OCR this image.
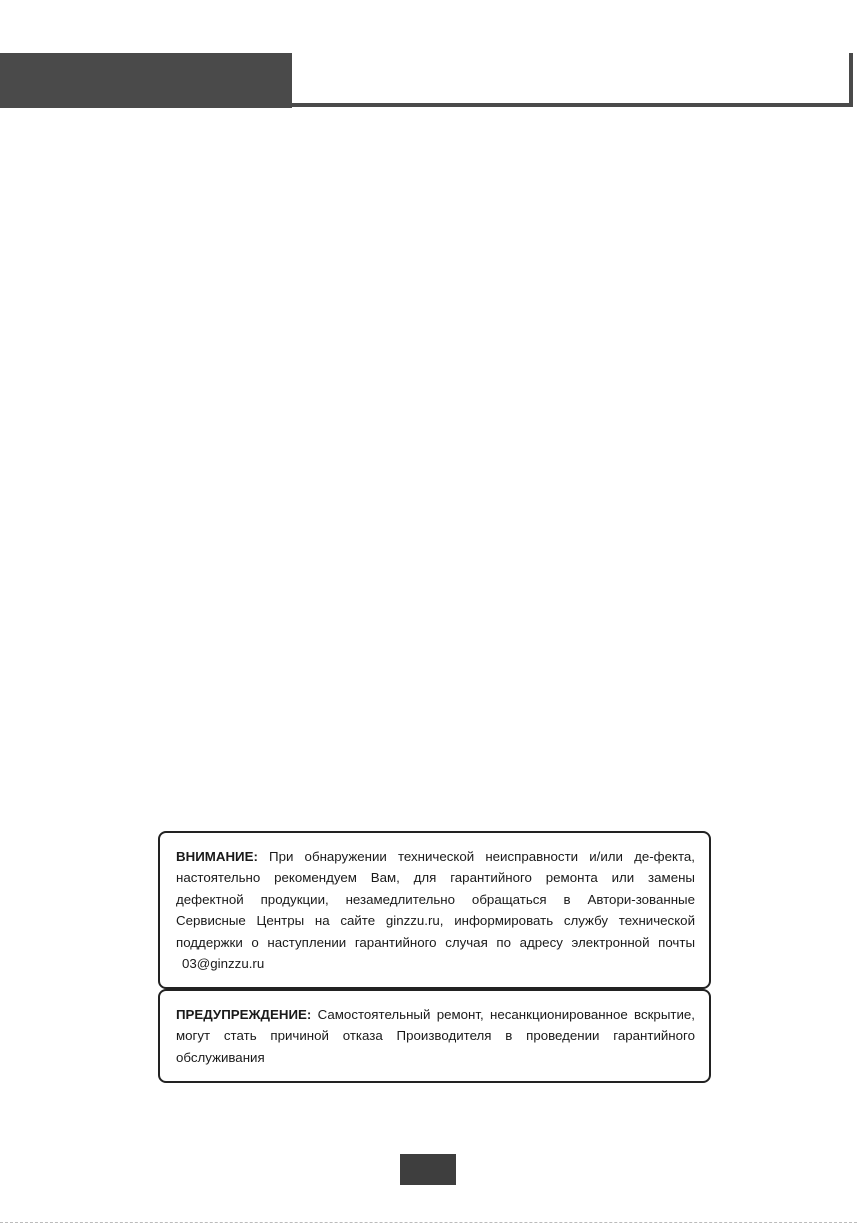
ВНИМАНИЕ: При обнаружении технической неисправности и/или де-фекта, настоятельно рекомендуем Вам, для гарантийного ремонта или замены дефектной продукции, незамедлительно обращаться в Автори-зованные Сервисные Центры на сайте ginzzu.ru, информировать службу технической поддержки о наступлении гарантийного случая по адресу электронной почты 03@ginzzu.ru
ПРЕДУПРЕЖДЕНИЕ: Самостоятельный ремонт, несанкционированное вскрытие, могут стать причиной отказа Производителя в проведении гарантийного обслуживания
